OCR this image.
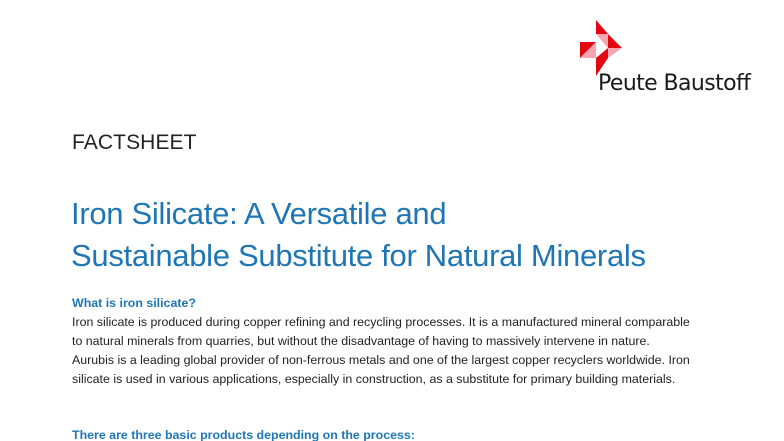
Peute Baustoff
FACTSHEET
Iron Silicate: A Versatile and
Sustainable Substitute for Natural Minerals
What is iron silicate?

Iron silicate is produced during copper refining and recycling processes. It is a manufactured mineral comparable
to natural minerals from quarries, but without the disadvantage of having to massively intervene in nature.
Aurubis is a leading global provider of non-ferrous metals and one of the largest copper recyclers worldwide. Iron
silicate is used in various applications, especially in construction, as a substitute for primary building materials.

There are three basic products depending on the process:
